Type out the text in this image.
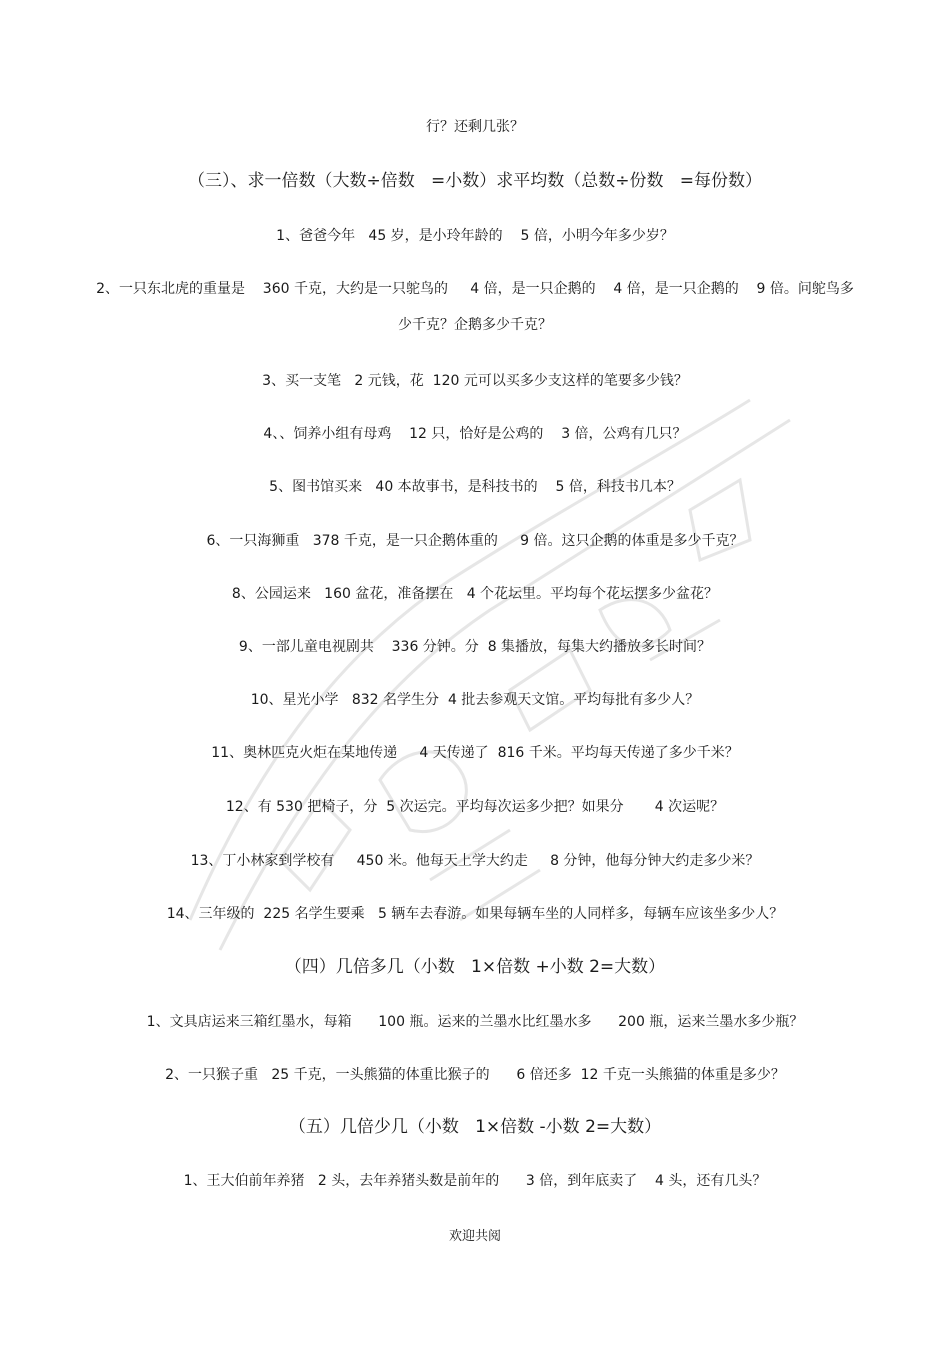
行？还剩几张？
（三）、求一倍数（大数÷倍数   =小数）求平均数（总数÷份数   =每份数）
1、爸爸今年   45 岁，是小玲年龄的    5 倍，小明今年多少岁？
2、一只东北虎的重量是    360 千克，大约是一只鸵鸟的     4 倍，是一只企鹅的    4 倍，是一只企鹅的    9 倍。问鸵鸟多
少千克？企鹅多少千克？
3、买一支笔   2 元钱，花  120 元可以买多少支这样的笔要多少钱？
4、、饲养小组有母鸡    12 只，恰好是公鸡的    3 倍，公鸡有几只？
5、图书馆买来   40 本故事书，是科技书的    5 倍，科技书几本？
6、一只海狮重   378 千克，是一只企鹅体重的     9 倍。这只企鹅的体重是多少千克？
8、公园运来   160 盆花，准备摆在   4 个花坛里。平均每个花坛摆多少盆花？
9、一部儿童电视剧共    336 分钟。分  8 集播放，每集大约播放多长时间？
10、星光小学   832 名学生分  4 批去参观天文馆。平均每批有多少人？
11、奥林匹克火炬在某地传递     4 天传递了  816 千米。平均每天传递了多少千米？
12、有 530 把椅子，分  5 次运完。平均每次运多少把？如果分       4 次运呢？
13、丁小林家到学校有     450 米。他每天上学大约走     8 分钟，他每分钟大约走多少米？
14、三年级的  225 名学生要乘   5 辆车去春游。如果每辆车坐的人同样多，每辆车应该坐多少人？
（四）几倍多几（小数   1×倍数 +小数 2=大数）
1、文具店运来三箱红墨水，每箱      100 瓶。运来的兰墨水比红墨水多      200 瓶，运来兰墨水多少瓶？
2、一只猴子重   25 千克，一头熊猫的体重比猴子的      6 倍还多  12 千克一头熊猫的体重是多少？
（五）几倍少几（小数   1×倍数 -小数 2=大数）
1、王大伯前年养猪   2 头，去年养猪头数是前年的      3 倍，到年底卖了    4 头，还有几头？
欢迎共阅
